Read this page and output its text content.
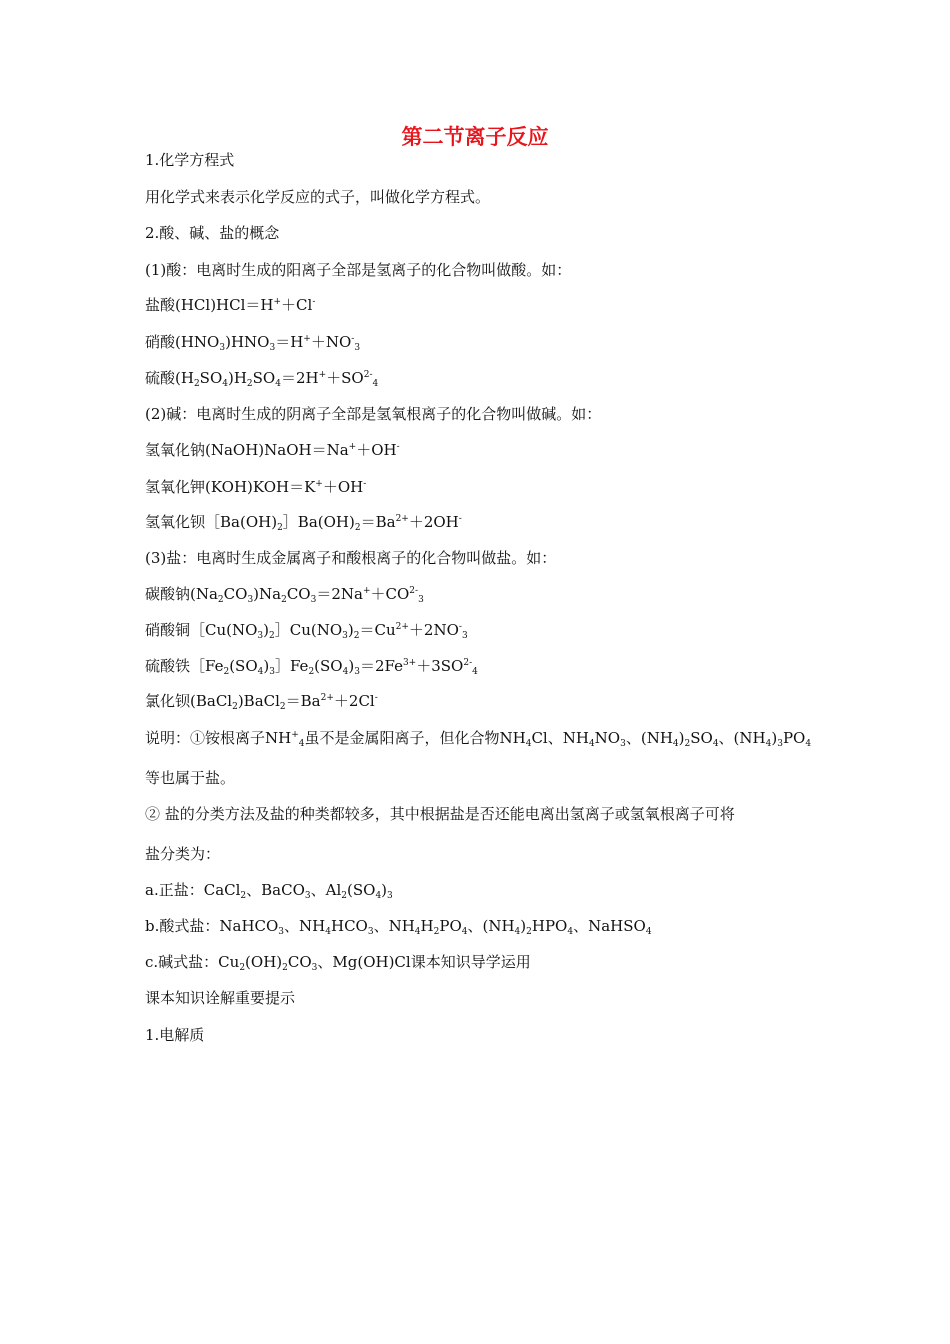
第二节离子反应
1.化学方程式
用化学式来表示化学反应的式子，叫做化学方程式。
2.酸、碱、盐的概念
(1)酸：电离时生成的阳离子全部是氢离子的化合物叫做酸。如：
盐酸(HCl)HCl＝H+＋Cl-
硝酸$(HNO_3)HNO_3=H^++NO^-_3$
硫酸$(H_2SO_4)H_2SO_4=2H^++SO^{2-}_4$
(2)碱：电离时生成的阴离子全部是氢氧根离子的化合物叫做碱。如：
氢氧化钠(NaOH)NaOH＝Na+＋OH-
氢氧化钾(KOH)KOH＝K+＋OH-
氢氧化钡$[Ba(OH)_2]Ba(OH)_2=Ba^{2+}+2OH^-$
(3)盐：电离时生成金属离子和酸根离子的化合物叫做盐。如：
碳酸钠$(Na_2CO_3)Na_2CO_3=2Na^++CO^{2-}_3$
硝酸铜$[Cu(NO_3)_2]Cu(NO_3)_2=Cu^{2+}+2NO^-_3$
硫酸铁$[Fe_2(SO_4)_3]Fe_2(SO_4)_3=2Fe^{3+}+3SO^{2-}_4$
氯化钡$(BaCl_2)BaCl_2=Ba^{2+}+2Cl^-$
说明：①铵根离子$NH^+_4$虽不是金属阳离子，但化合物$NH_4Cl$、$NH_4NO_3$、$(NH_4)_2SO_4$、$(NH_4)_3PO_4$
等也属于盐。
② 盐的分类方法及盐的种类都较多，其中根据盐是否还能电离出氢离子或氢氧根离子可将
盐分类为：
a.正盐：CaCl$_2$、BaCO$_3$、$Al_2(SO_4)_3$
b.酸式盐：NaHCO$_3$、$NH_4HCO_3$、$NH_4H_2PO_4$、$(NH_4)_2HPO_4$、NaHSO$_4$
c.碱式盐：$Cu_2(OH)_2CO_3$、Mg(OH)Cl课本知识导学运用
课本知识诠解重要提示
1.电解质
